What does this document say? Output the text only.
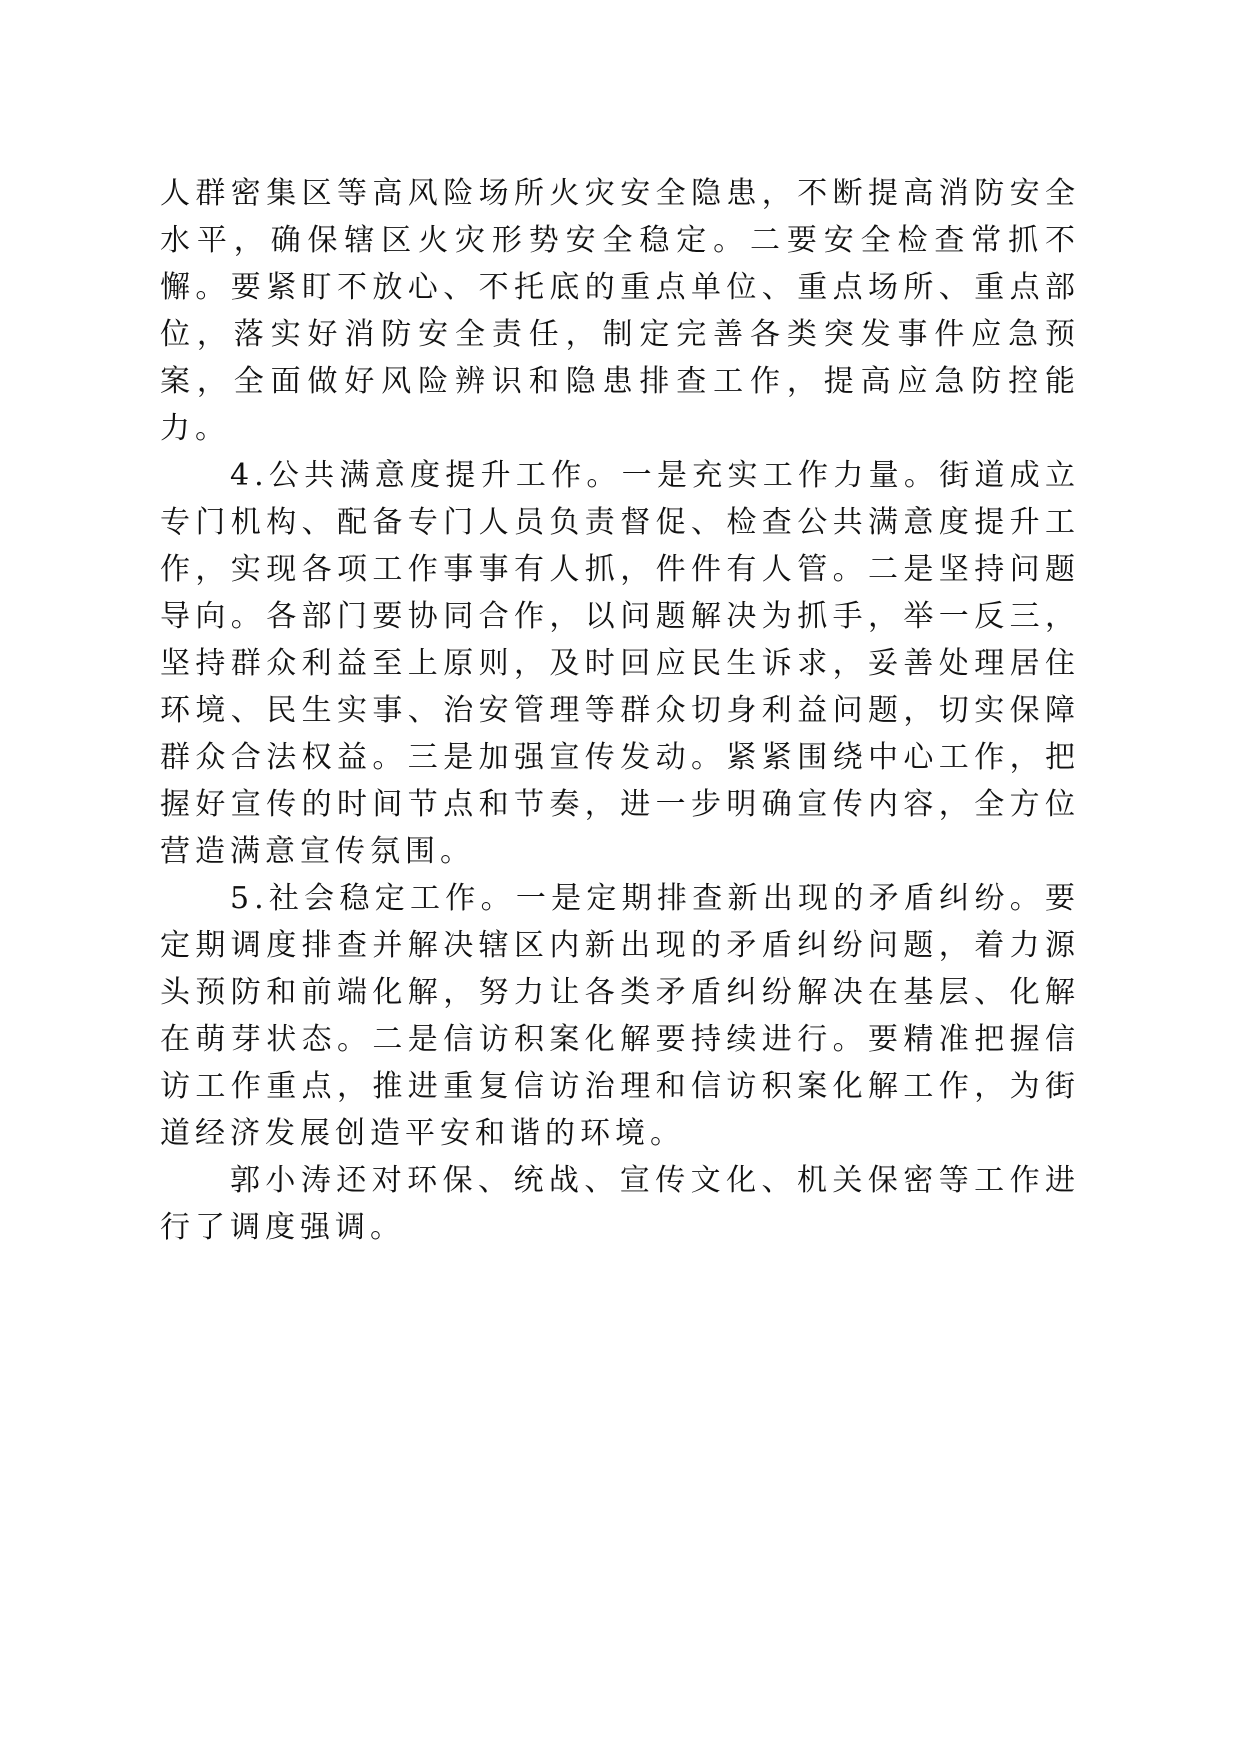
人群密集区等高风险场所火灾安全隐患，不断提高消防安全水平，确保辖区火灾形势安全稳定。二要安全检查常抓不懈。要紧盯不放心、不托底的重点单位、重点场所、重点部位，落实好消防安全责任，制定完善各类突发事件应急预案，全面做好风险辨识和隐患排查工作，提高应急防控能力。

4.公共满意度提升工作。一是充实工作力量。街道成立专门机构、配备专门人员负责督促、检查公共满意度提升工作，实现各项工作事事有人抓，件件有人管。二是坚持问题导向。各部门要协同合作，以问题解决为抓手，举一反三，坚持群众利益至上原则，及时回应民生诉求，妥善处理居住环境、民生实事、治安管理等群众切身利益问题，切实保障群众合法权益。三是加强宣传发动。紧紧围绕中心工作，把握好宣传的时间节点和节奏，进一步明确宣传内容，全方位营造满意宣传氛围。

5.社会稳定工作。一是定期排查新出现的矛盾纠纷。要定期调度排查并解决辖区内新出现的矛盾纠纷问题，着力源头预防和前端化解，努力让各类矛盾纠纷解决在基层、化解在萌芽状态。二是信访积案化解要持续进行。要精准把握信访工作重点，推进重复信访治理和信访积案化解工作，为街道经济发展创造平安和谐的环境。

郭小涛还对环保、统战、宣传文化、机关保密等工作进行了调度强调。
